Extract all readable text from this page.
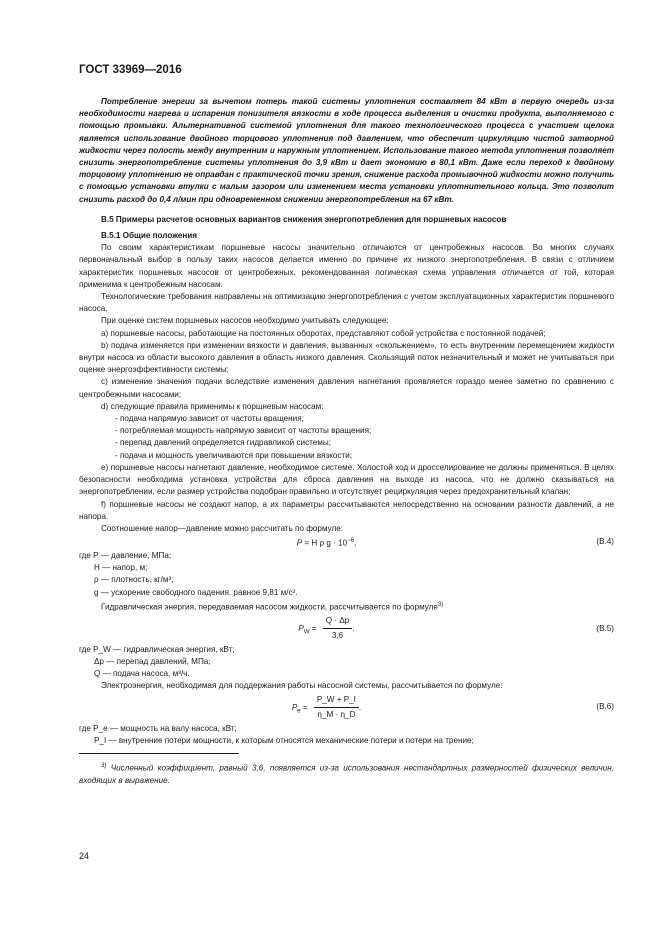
ГОСТ 33969—2016

Потребление энергии за вычетом потерь такой системы уплотнения составляет 84 кВт в первую очередь из-за необходимости нагрева и испарения понизителя вязкости в ходе процесса выделения и очистки продукта, выполняемого с помощью промывки. Альтернативной системой уплотнения для такого технологического процесса с участием щелока является использование двойного торцового уплотнения под давлением, что обеспечит циркуляцию чистой затворной жидкости через полость между внутренним и наружным уплотнением. Использование такого метода уплотнения позволяет снизить энергопотребление системы уплотнения до 3,9 кВт и дает экономию в 80,1 кВт. Даже если переход к двойному торцовому уплотнению не оправдан с практической точки зрения, снижение расхода промывочной жидкости можно получить с помощью установки втулки с малым зазором или изменением места установки уплотнительного кольца. Это позволит снизить расход до 0,4 л/мин при одновременном снижении энергопотребления на 67 кВт.

В.5 Примеры расчетов основных вариантов снижения энергопотребления для поршневых насосов

В.5.1 Общие положения

По своим характеристикам поршневые насосы значительно отличаются от центробежных насосов. Во многих случаях первоначальный выбор в пользу таких насосов делается именно по причине их низкого энергопотребления. В связи с отличием характеристик поршневых насосов от центробежных, рекомендованная логическая схема управления отличается от той, которая применима к центробежным насосам.

Технологические требования направлены на оптимизацию энергопотребления с учетом эксплуатационных характеристик поршневого насоса.

При оценке систем поршневых насосов необходимо учитывать следующее:

a) поршневые насосы, работающие на постоянных оборотах, представляют собой устройства с постоянной подачей;

b) подача изменяется при изменении вязкости и давления, вызванных «скольжением», то есть внутренним перемещением жидкости внутри насоса из области высокого давления в область низкого давления. Скользящий поток незначительный и может не учитываться при оценке энергоэффективности системы;

c) изменение значения подачи вследствие изменения давления нагнетания проявляется гораздо менее заметно по сравнению с центробежными насосами;

d) следующие правила применимы к поршневым насосам:

- подача напрямую зависит от частоты вращения;

- потребляемая мощность напрямую зависит от частоты вращения;

- перепад давлений определяется гидравликой системы;

- подача и мощность увеличиваются при повышении вязкости;

e) поршневые насосы нагнетают давление, необходимое системе. Холостой ход и дросселирование не должны применяться. В целях безопасности необходима установка устройства для сброса давления на выходе из насоса, что не должно сказываться на энергопотреблении, если размер устройства подобран правильно и отсутствует рециркуляция через предохранительный клапан;

f) поршневые насосы не создают напор, а их параметры рассчитываются непосредственно на основании разности давлений, а не напора.

Соотношение напор—давление можно рассчитать по формуле:

P = H ρ $g \cdot 10^{-6}$,	(В.4)

где P — давление, МПа;

H — напор, м;

ρ — плотность, кг/м³;

g — ускорение свободного падения, равное 9,81 м/с².

Гидравлическая энергия, передаваемая насосом жидкости, рассчитывается по формуле$^{3)}$

$P_W = \frac{Q \cdot \Delta p}{3,6}$ .	(В.5)

где P_W — гидравлическая энергия, кВт;

Δp — перепад давлений, МПа;

Q — подача насоса, м³/ч.

Электроэнергия, необходимая для поддержания работы насосной системы, рассчитывается по формуле:

$P_e = \frac{P\_W + P\_I}{\eta\_M \cdot \eta\_D}$ .	(В.6)

где P_e — мощность на валу насоса, кВт;

P_I — внутренние потери мощности, к которым относятся механические потери и потери на трение;

$^{3)}$ Численный коэффициент, равный 3,6, появляется из-за использования нестандартных размерностей физических величин, входящих в выражение.

24
